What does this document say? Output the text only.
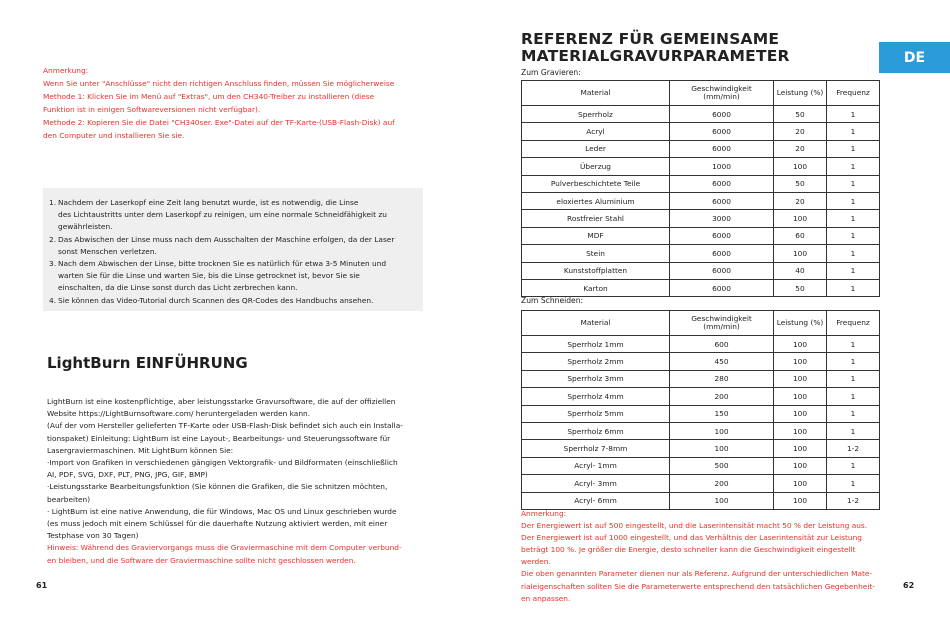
Anmerkung:
Wenn Sie unter "Anschlüsse" nicht den richtigen Anschluss finden, müssen Sie möglicherweise
Methode 1: Klicken Sie im Menü auf "Extras", um den CH340-Treiber zu installieren (diese
Funktion ist in einigen Softwareversionen nicht verfügbar).
Methode 2: Kopieren Sie die Datei "CH340ser. Exe"-Datei auf der TF-Karte-(USB-Flash-Disk) auf
den Computer und installieren Sie sie.
1. Nachdem der Laserkopf eine Zeit lang benutzt wurde, ist es notwendig, die Linse
des Lichtaustritts unter dem Laserkopf zu reinigen, um eine normale Schneidfähigkeit zu
gewährleisten.
2. Das Abwischen der Linse muss nach dem Ausschalten der Maschine erfolgen, da der Laser
sonst Menschen verletzen.
3. Nach dem Abwischen der Linse, bitte trocknen Sie es natürlich für etwa 3-5 Minuten und
warten Sie für die Linse und warten Sie, bis die Linse getrocknet ist, bevor Sie sie
einschalten, da die Linse sonst durch das Licht zerbrechen kann.
4. Sie können das Video-Tutorial durch Scannen des QR-Codes des Handbuchs ansehen.
LightBurn EINFÜHRUNG
LightBurn ist eine kostenpflichtige, aber leistungsstarke Gravursoftware, die auf der offiziellen
Website https://LightBurnsoftware.com/ heruntergeladen werden kann.
(Auf der vom Hersteller gelieferten TF-Karte oder USB-Flash-Disk befindet sich auch ein Installa-
tionspaket) Einleitung: LightBurn ist eine Layout-, Bearbeitungs- und Steuerungssoftware für
Lasergraviermaschinen. Mit LightBurn können Sie:
·Import von Grafiken in verschiedenen gängigen Vektorgrafik- und Bildformaten (einschließlich
AI, PDF, SVG, DXF, PLT, PNG, JPG, GIF, BMP)
·Leistungsstarke Bearbeitungsfunktion (Sie können die Grafiken, die Sie schnitzen möchten,
bearbeiten)
· LightBurn ist eine native Anwendung, die für Windows, Mac OS und Linux geschrieben wurde
(es muss jedoch mit einem Schlüssel für die dauerhafte Nutzung aktiviert werden, mit einer
Testphase von 30 Tagen)
Hinweis: Während des Graviervorgangs muss die Graviermaschine mit dem Computer verbund-
en bleiben, und die Software der Graviermaschine sollte nicht geschlossen werden.
61
REFERENZ FÜR GEMEINSAME
MATERIALGRAVURPARAMETER	DE
Zum Gravieren:
Material	Geschwindigkeit
(mm/min)	Leistung (%)	Frequenz
Sperrholz	6000	50	1
Acryl	6000	20	1
Leder	6000	20	1
Überzug	1000	100	1
Pulverbeschichtete Teile	6000	50	1
eloxiertes Aluminium	6000	20	1
Rostfreier Stahl	3000	100	1
MDF	6000	60	1
Stein	6000	100	1
Kunststoffplatten	6000	40	1
Karton	6000	50	1
Zum Schneiden:
Material	Geschwindigkeit
(mm/min)	Leistung (%)	Frequenz
Sperrholz 1mm	600	100	1
Sperrholz 2mm	450	100	1
Sperrholz 3mm	280	100	1
Sperrholz 4mm	200	100	1
Sperrholz 5mm	150	100	1
Sperrholz 6mm	100	100	1
Sperrholz 7-8mm	100	100	1-2
Acryl- 1mm	500	100	1
Acryl- 3mm	200	100	1
Acryl- 6mm	100	100	1-2
Anmerkung:
Der Energiewert ist auf 500 eingestellt, und die Laserintensität macht 50 % der Leistung aus.
Der Energiewert ist auf 1000 eingestellt, und das Verhältnis der Laserintensität zur Leistung
beträgt 100 %. Je größer die Energie, desto schneller kann die Geschwindigkeit eingestellt
werden.
Die oben genannten Parameter dienen nur als Referenz. Aufgrund der unterschiedlichen Mate-
rialeigenschaften sollten Sie die Parameterwerte entsprechend den tatsächlichen Gegebenheit-
en anpassen.
62
